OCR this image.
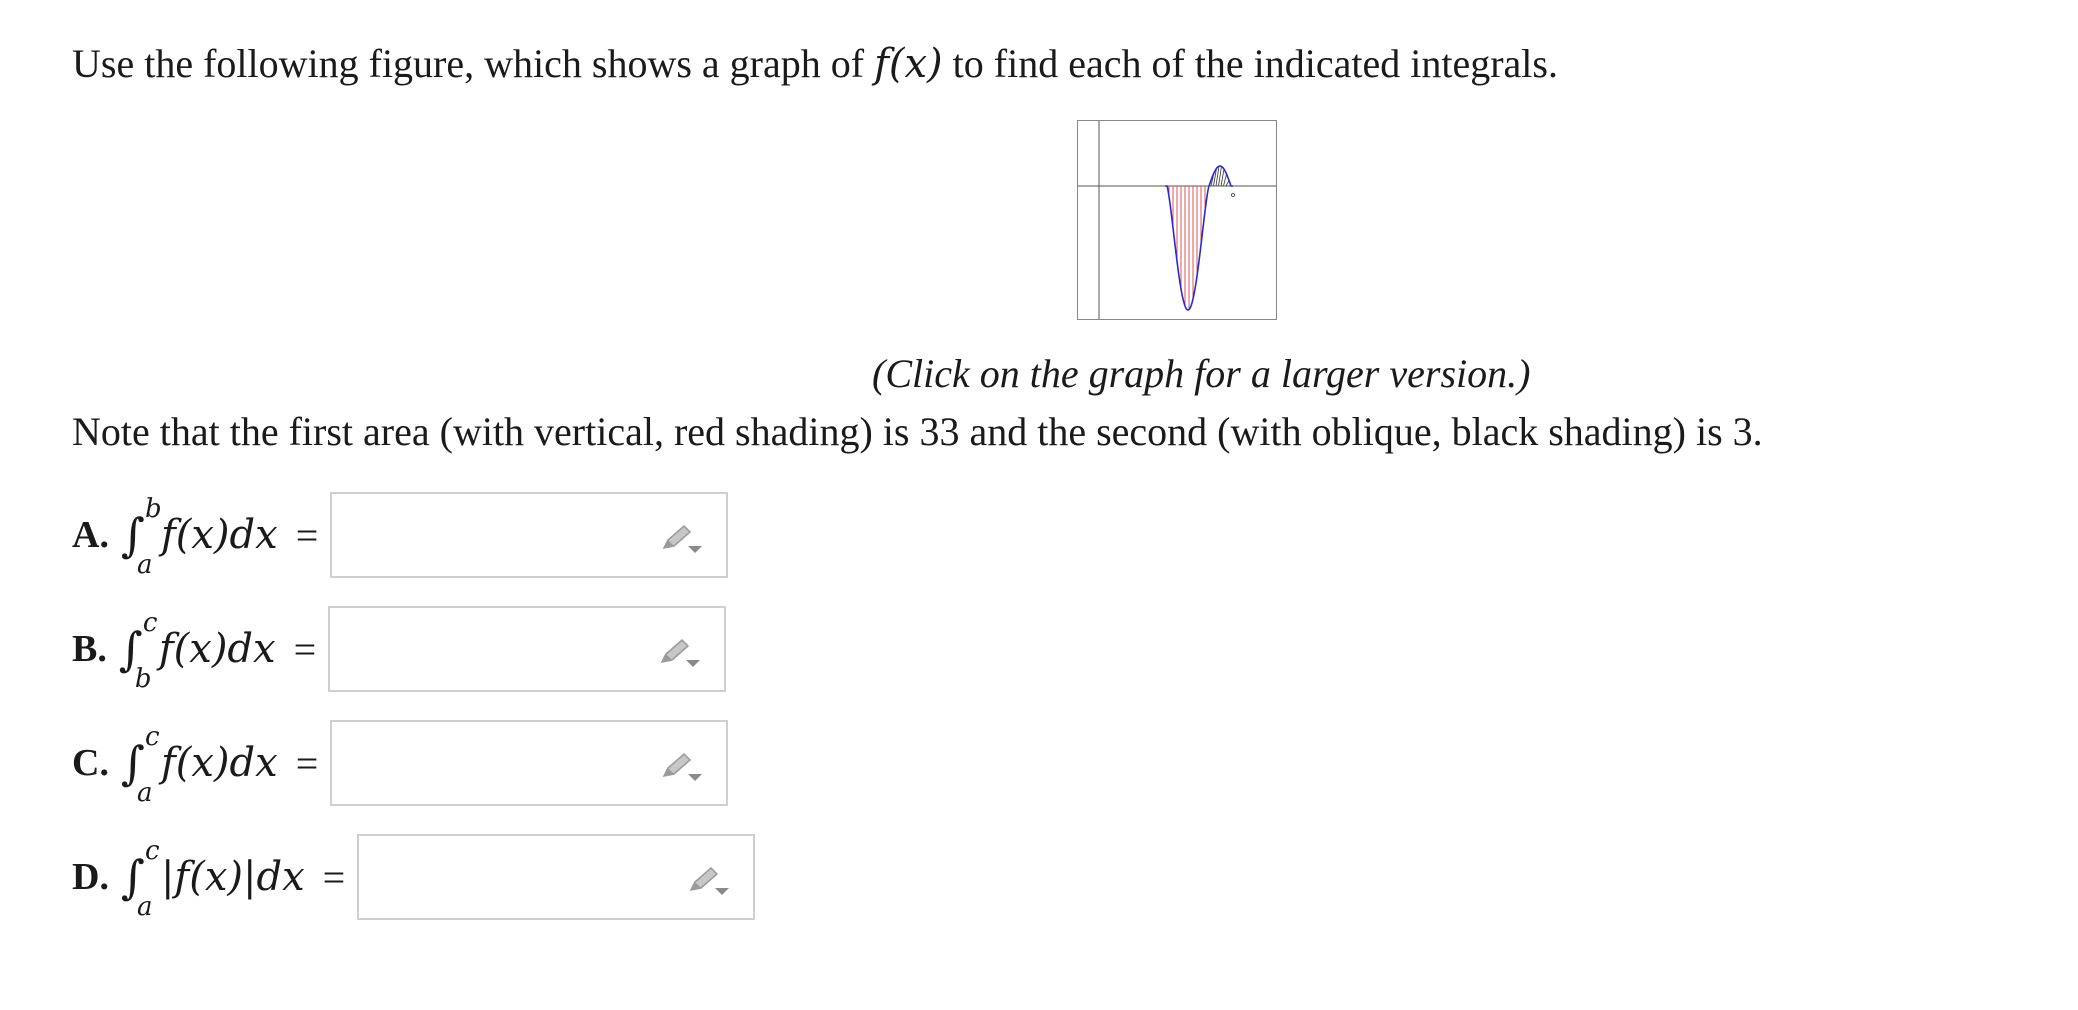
Use the following figure, which shows a graph of f(x) to find each of the indicated integrals.
(Click on the graph for a larger version.)
Note that the first area (with vertical, red shading) is 33 and the second (with oblique, black shading) is 3.
A. ∫ b
a
f(x)dx =
B. ∫ c
b
f(x)dx =
C. ∫ c
a
f(x)dx =
D. ∫ c
a
|f(x)|dx =
